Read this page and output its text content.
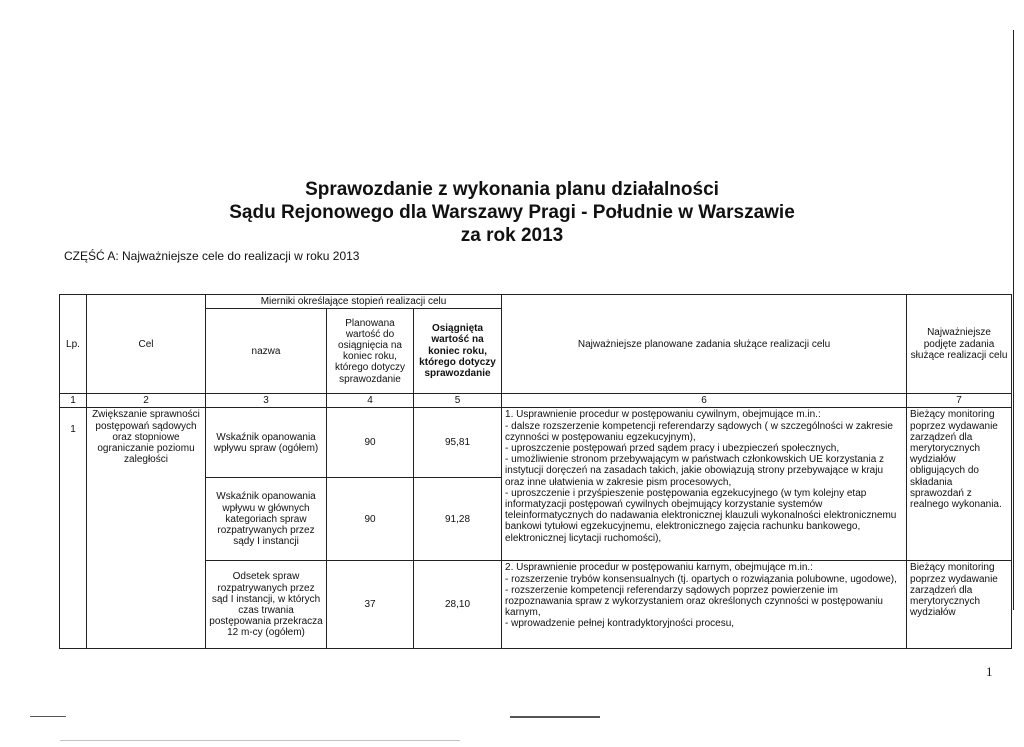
Sprawozdanie z wykonania planu działalności
Sądu Rejonowego dla Warszawy Pragi - Południe w Warszawie
za rok 2013
CZĘŚĆ A: Najważniejsze cele do realizacji w roku 2013
Lp.	Cel	Mierniki określające stopień realizacji celu			Najważniejsze planowane zadania służące realizacji celu	Najważniejsze podjęte zadania służące realizacji celu
		nazwa	Planowana wartość do osiągnięcia na koniec roku, którego dotyczy sprawozdanie	Osiągnięta wartość na koniec roku, którego dotyczy sprawozdanie		
1	2	3	4	5	6	7
1	Zwiększanie sprawności postępowań sądowych oraz stopniowe ograniczanie poziomu zaległości	Wskaźnik opanowania wpływu spraw (ogółem)	90	95,81	1. Usprawnienie procedur w postępowaniu cywilnym, obejmujące m.in.:
- dalsze rozszerzenie kompetencji referendarzy sądowych ( w szczególności w zakresie czynności w postępowaniu egzekucyjnym),
- uproszczenie postępowań przed sądem pracy i ubezpieczeń społecznych,
- umożliwienie stronom przebywającym w państwach członkowskich UE korzystania z instytucji doręczeń na zasadach takich, jakie obowiązują strony przebywające w kraju oraz inne ułatwienia w zakresie pism procesowych,
- uproszczenie i przyśpieszenie postępowania egzekucyjnego (w tym kolejny etap informatyzacji postępowań cywilnych obejmujący korzystanie systemów teleinformatycznych do nadawania elektronicznej klauzuli wykonalności elektronicznemu bankowi tytułowi egzekucyjnemu, elektronicznego zajęcia rachunku bankowego, elektronicznej licytacji ruchomości),	Bieżący monitoring poprzez wydawanie zarządzeń dla merytorycznych wydziałów obligujących do składania sprawozdań z realnego wykonania.
		Wskaźnik opanowania wpływu w głównych kategoriach spraw rozpatrywanych przez sądy I instancji	90	91,28		
		Odsetek spraw rozpatrywanych przez sąd I instancji, w których czas trwania postępowania przekracza 12 m-cy (ogółem)	37	28,10	2. Usprawnienie procedur w postępowaniu karnym, obejmujące m.in.:
- rozszerzenie trybów konsensualnych (tj. opartych o rozwiązania polubowne, ugodowe),
- rozszerzenie kompetencji referendarzy sądowych poprzez powierzenie im rozpoznawania spraw z wykorzystaniem oraz określonych czynności w postępowaniu karnym,
- wprowadzenie pełnej kontradyktoryjności procesu,	Bieżący monitoring poprzez wydawanie zarządzeń dla merytorycznych wydziałów
1
